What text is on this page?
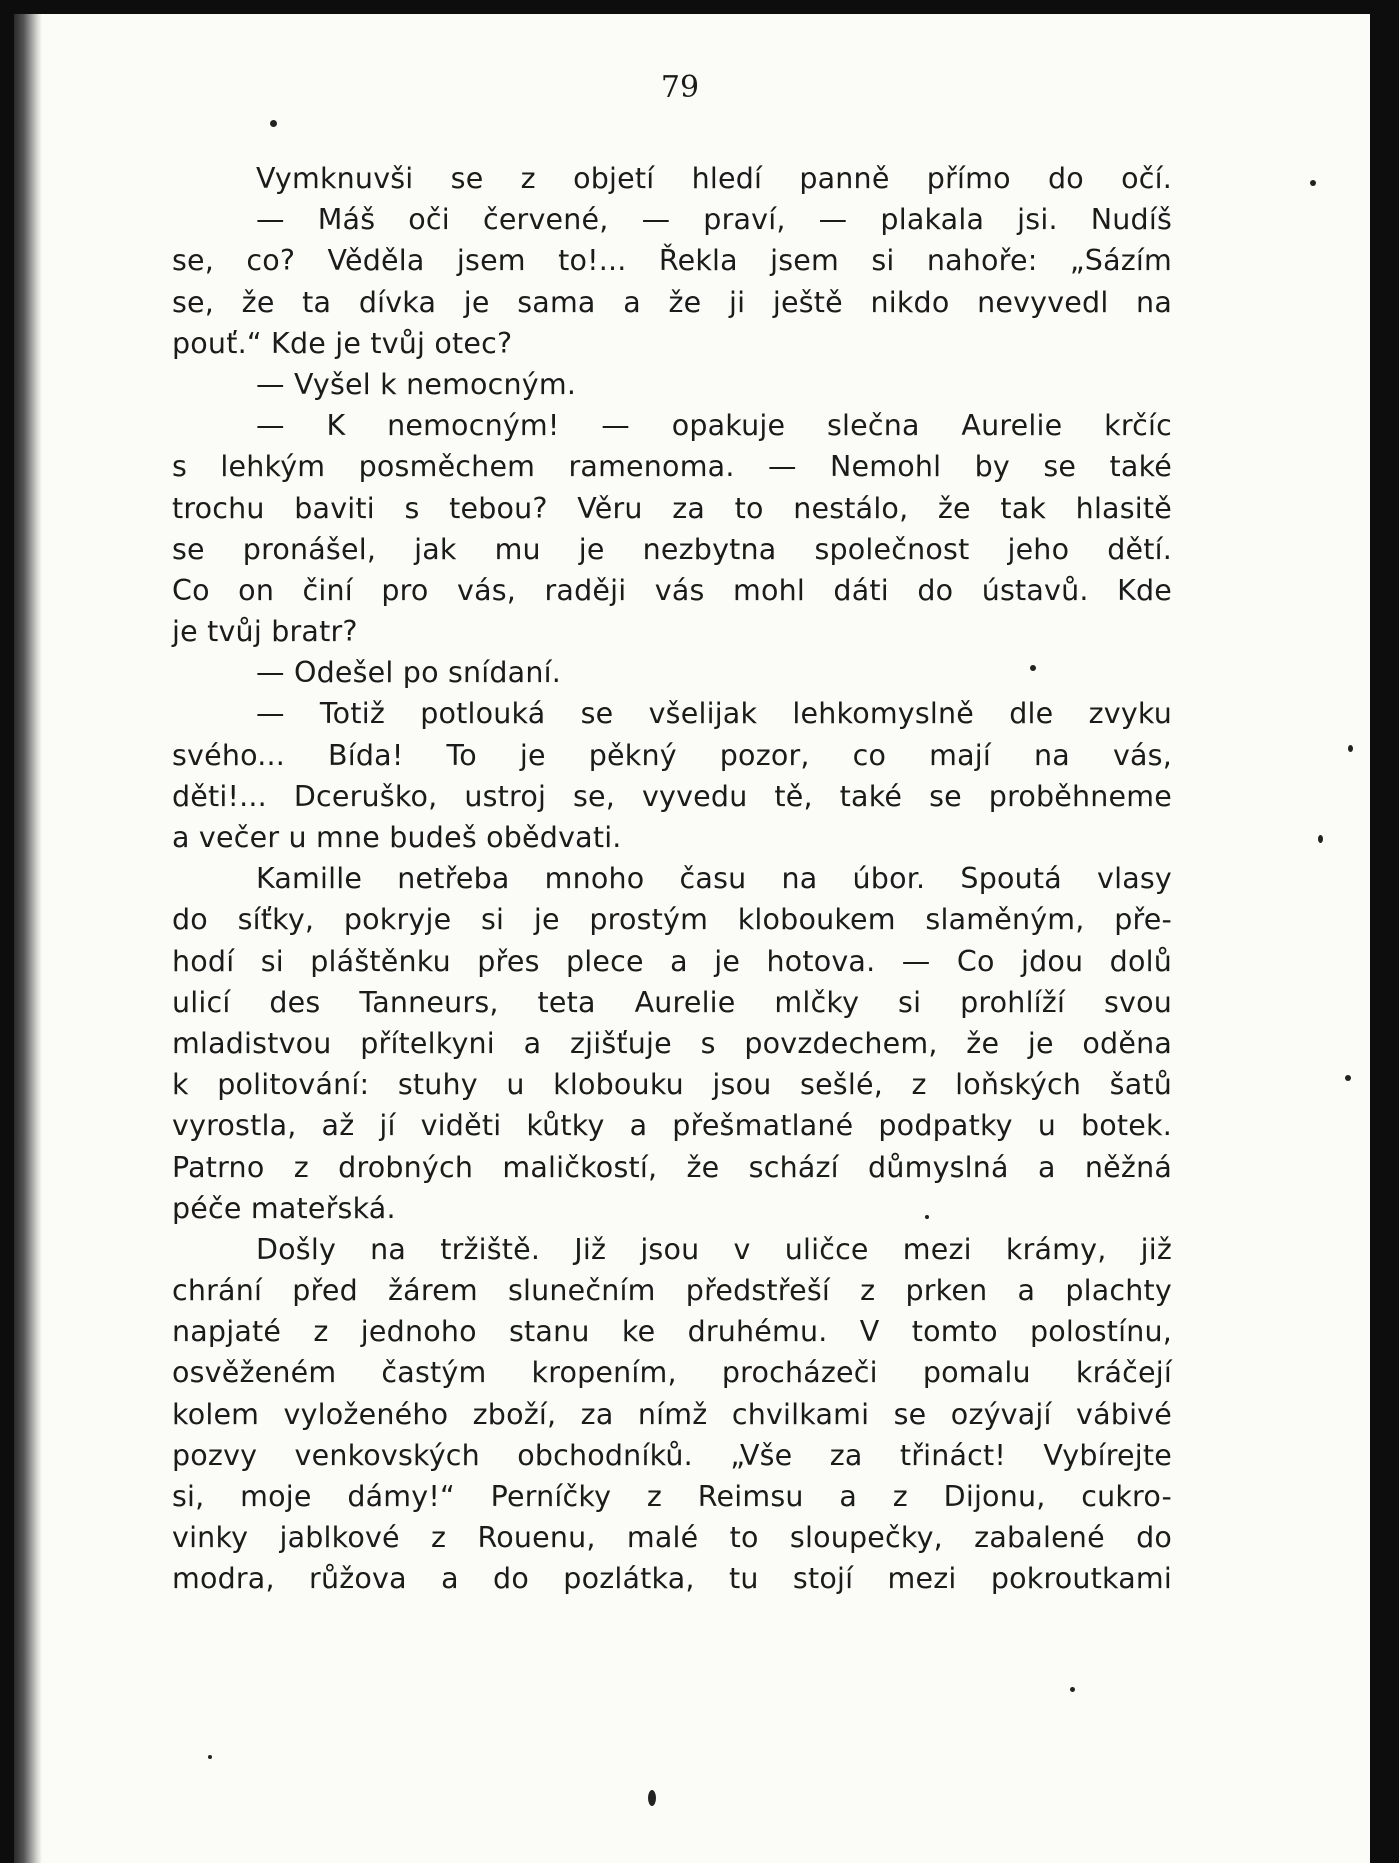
79
Vymknuvši se z objetí hledí panně přímo do očí.
— Máš oči červené, — praví, — plakala jsi. Nudíš
se, co? Věděla jsem to!... Řekla jsem si nahoře: „Sázím
se, že ta dívka je sama a že ji ještě nikdo nevyvedl na
pouť.“ Kde je tvůj otec?
— Vyšel k nemocným.
— K nemocným! — opakuje slečna Aurelie krčíc
s lehkým posměchem ramenoma. — Nemohl by se také
trochu baviti s tebou? Věru za to nestálo, že tak hlasitě
se pronášel, jak mu je nezbytna společnost jeho dětí.
Co on činí pro vás, raději vás mohl dáti do ústavů. Kde
je tvůj bratr?
— Odešel po snídaní.
— Totiž potlouká se všelijak lehkomyslně dle zvyku
svého... Bída! To je pěkný pozor, co mají na vás,
děti!... Dceruško, ustroj se, vyvedu tě, také se proběhneme
a večer u mne budeš obědvati.
Kamille netřeba mnoho času na úbor. Spoutá vlasy
do síťky, pokryje si je prostým kloboukem slaměným, pře-
hodí si pláštěnku přes plece a je hotova. — Co jdou dolů
ulicí des Tanneurs, teta Aurelie mlčky si prohlíží svou
mladistvou přítelkyni a zjišťuje s povzdechem, že je oděna
k politování: stuhy u klobouku jsou sešlé, z loňských šatů
vyrostla, až jí viděti kůtky a přešmatlané podpatky u botek.
Patrno z drobných maličkostí, že schází důmyslná a něžná
péče mateřská.
Došly na tržiště. Již jsou v uličce mezi krámy, již
chrání před žárem slunečním předstřeší z prken a plachty
napjaté z jednoho stanu ke druhému. V tomto polostínu,
osvěženém častým kropením, procházeči pomalu kráčejí
kolem vyloženého zboží, za nímž chvilkami se ozývají vábivé
pozvy venkovských obchodníků. „Vše za třináct! Vybírejte
si, moje dámy!“ Perníčky z Reimsu a z Dijonu, cukro-
vinky jablkové z Rouenu, malé to sloupečky, zabalené do
modra, růžova a do pozlátka, tu stojí mezi pokroutkami
